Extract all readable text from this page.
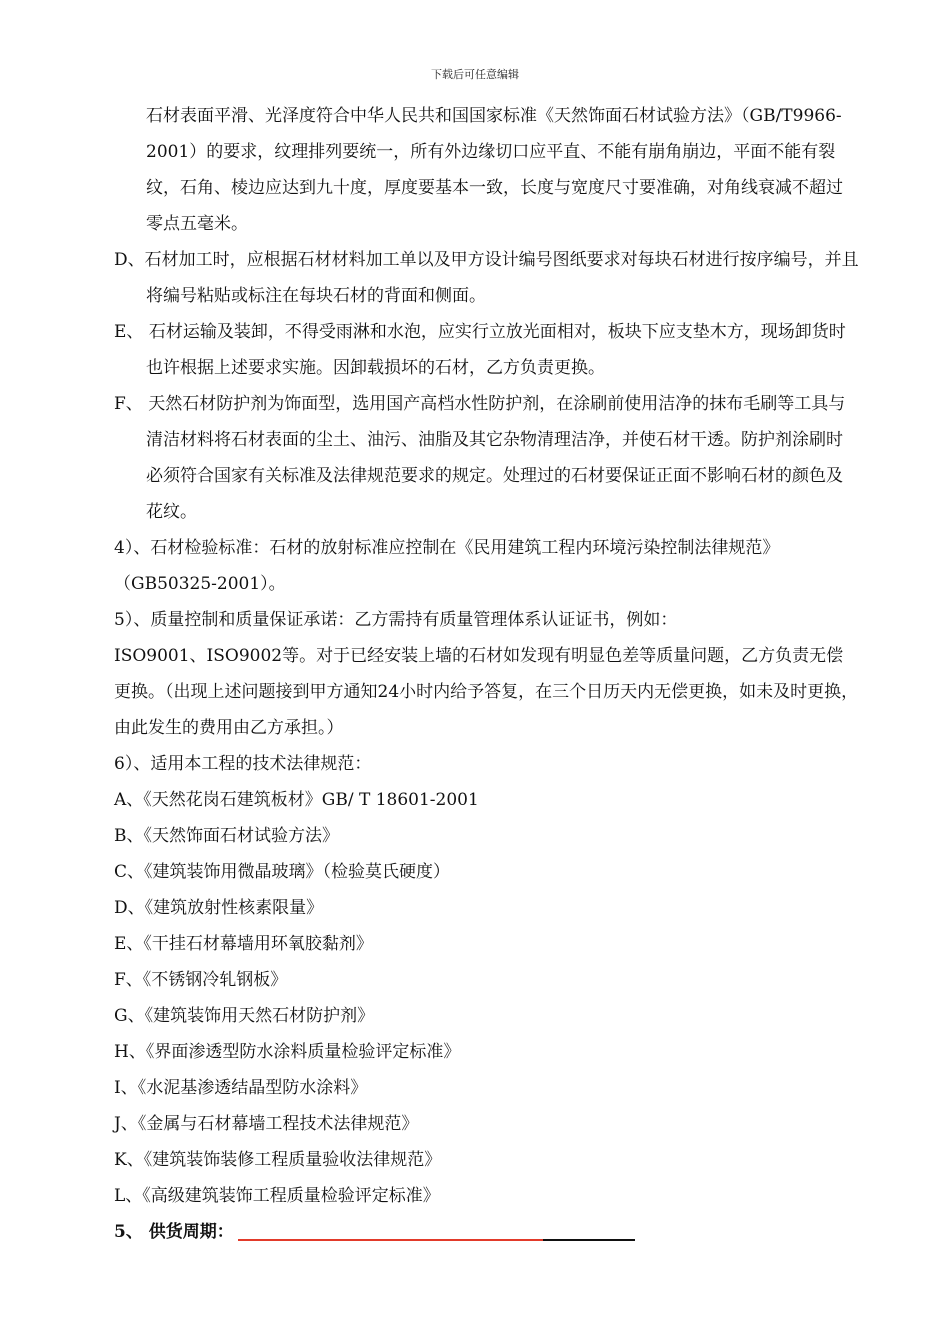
下载后可任意编辑

石材表面平滑、光泽度符合中华人民共和国国家标准《天然饰面石材试验方法》（GB/T9966-2001）的要求，纹理排列要统一，所有外边缘切口应平直、不能有崩角崩边，平面不能有裂纹，石角、棱边应达到九十度，厚度要基本一致，长度与宽度尺寸要准确，对角线衰减不超过零点五毫米。

D、石材加工时，应根据石材材料加工单以及甲方设计编号图纸要求对每块石材进行按序编号，并且将编号粘贴或标注在每块石材的背面和侧面。

E、 石材运输及装卸，不得受雨淋和水泡，应实行立放光面相对，板块下应支垫木方，现场卸货时也许根据上述要求实施。因卸载损坏的石材，乙方负责更换。

F、 天然石材防护剂为饰面型，选用国产高档水性防护剂，在涂刷前使用洁净的抹布毛刷等工具与清洁材料将石材表面的尘土、油污、油脂及其它杂物清理洁净，并使石材干透。防护剂涂刷时必须符合国家有关标准及法律规范要求的规定。处理过的石材要保证正面不影响石材的颜色及花纹。

4）、石材检验标准：石材的放射标准应控制在《民用建筑工程内环境污染控制法律规范》（GB50325-2001）。

5）、质量控制和质量保证承诺：乙方需持有质量管理体系认证证书，例如：

ISO9001、ISO9002等。对于已经安装上墙的石材如发现有明显色差等质量问题，乙方负责无偿更换。（出现上述问题接到甲方通知24小时内给予答复，在三个日历天内无偿更换，如未及时更换，由此发生的费用由乙方承担。）

6）、适用本工程的技术法律规范：

A、《天然花岗石建筑板材》GB/ T 18601-2001

B、《天然饰面石材试验方法》

C、《建筑装饰用微晶玻璃》（检验莫氏硬度）

D、《建筑放射性核素限量》

E、《干挂石材幕墙用环氧胶黏剂》

F、《不锈钢冷轧钢板》

G、《建筑装饰用天然石材防护剂》

H、《界面渗透型防水涂料质量检验评定标准》

I、《水泥基渗透结晶型防水涂料》

J、《金属与石材幕墙工程技术法律规范》

K、《建筑装饰装修工程质量验收法律规范》

L、《高级建筑装饰工程质量检验评定标准》

5、 供货周期：
